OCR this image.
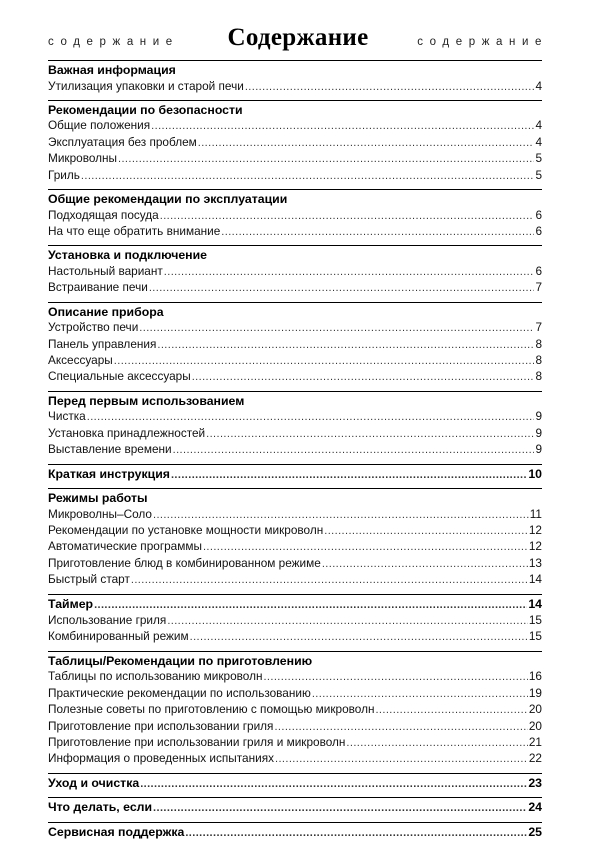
содержание Содержание	содержание
Важная информация
Утилизация упаковки и старой печи .....	4
Рекомендации по безопасности
Общие положения .....	4
Эксплуатация без проблем .....	4
Микроволны .....	5
Гриль .....	5
Общие рекомендации по эксплуатации
Подходящая посуда .....	6
На что еще обратить внимание .....	6
Установка и подключение
Настольный вариант .....	6
Встраивание печи .....	7
Описание прибора
Устройство печи .....	7
Панель управления .....	8
Аксессуары .....	8
Специальные аксессуары .....	8
Перед первым использованием
Чистка .....	9
Установка принадлежностей .....	9
Выставление времени .....	9
Краткая инструкция .....	10
Режимы работы
Микроволны–Соло .....	11
Рекомендации по установке мощности микроволн .....	12
Автоматические программы .....	12
Приготовление блюд в комбинированном режиме .....	13
Быстрый старт .....	14
Таймер .....	14
Использование гриля .....	15
Комбинированный режим .....	15
Таблицы/Рекомендации по приготовлению
Таблицы по использованию микроволн .....	16
Практические рекомендации по использованию .....	19
Полезные советы по приготовлению с помощью микроволн .....	20
Приготовление при использовании гриля .....	20
Приготовление при использовании гриля и микроволн .....	21
Информация о проведенных испытаниях .....	22
Уход и очистка .....	23
Что делать, если .....	24
Сервисная поддержка .....	25
